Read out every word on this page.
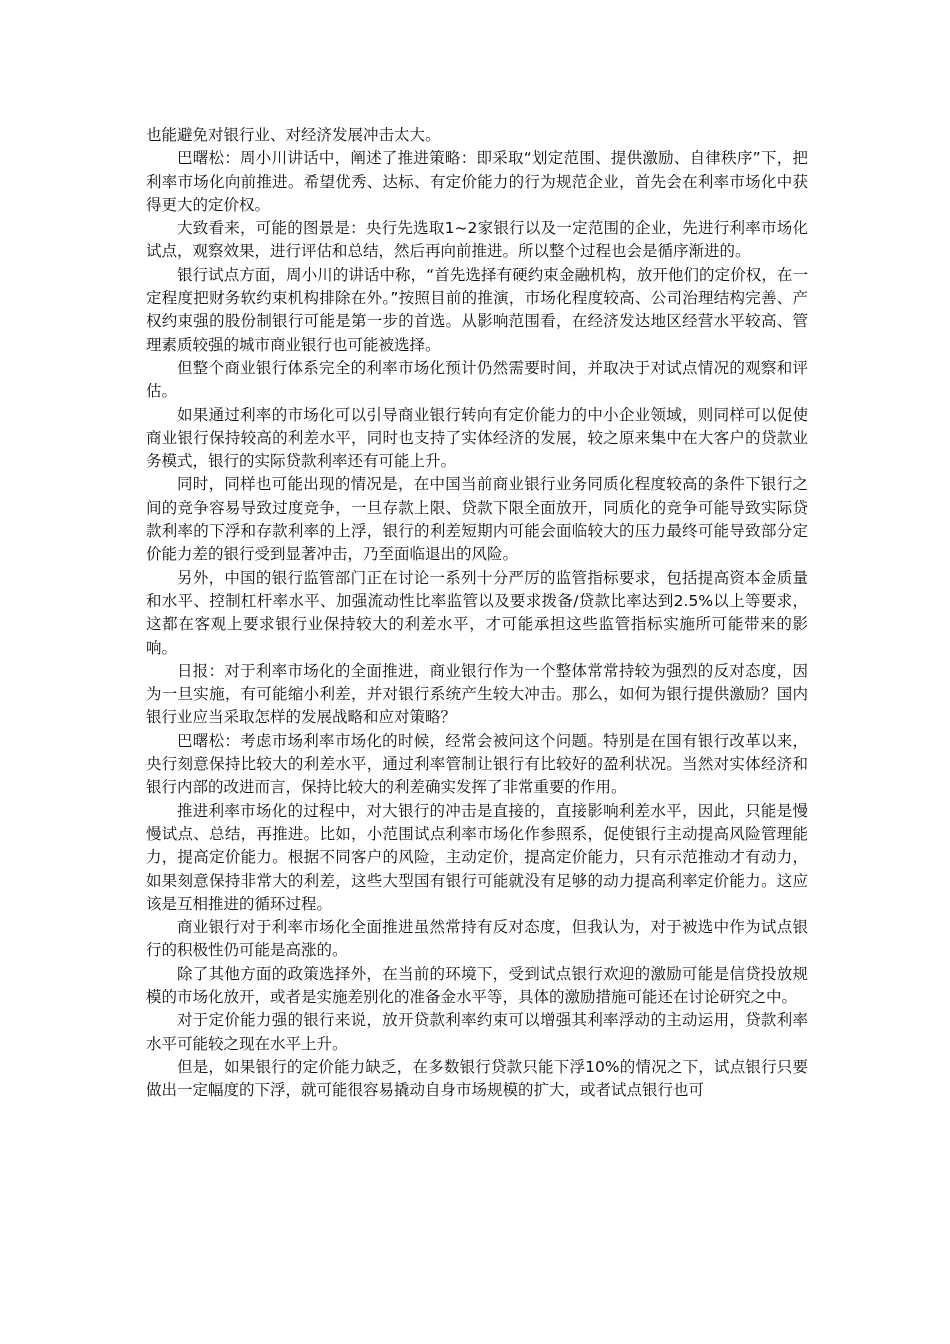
也能避免对银行业、对经济发展冲击太大。

巴曙松：周小川讲话中，阐述了推进策略：即采取“划定范围、提供激励、自律秩序”下，把利率市场化向前推进。希望优秀、达标、有定价能力的行为规范企业，首先会在利率市场化中获得更大的定价权。

大致看来，可能的图景是：央行先选取1~2家银行以及一定范围的企业，先进行利率市场化试点，观察效果，进行评估和总结，然后再向前推进。所以整个过程也会是循序渐进的。

银行试点方面，周小川的讲话中称，“首先选择有硬约束金融机构，放开他们的定价权，在一定程度把财务软约束机构排除在外。”按照目前的推演，市场化程度较高、公司治理结构完善、产权约束强的股份制银行可能是第一步的首选。从影响范围看，在经济发达地区经营水平较高、管理素质较强的城市商业银行也可能被选择。

但整个商业银行体系完全的利率市场化预计仍然需要时间，并取决于对试点情况的观察和评估。

如果通过利率的市场化可以引导商业银行转向有定价能力的中小企业领域，则同样可以促使商业银行保持较高的利差水平，同时也支持了实体经济的发展，较之原来集中在大客户的贷款业务模式，银行的实际贷款利率还有可能上升。

同时，同样也可能出现的情况是，在中国当前商业银行业务同质化程度较高的条件下银行之间的竞争容易导致过度竞争，一旦存款上限、贷款下限全面放开，同质化的竞争可能导致实际贷款利率的下浮和存款利率的上浮，银行的利差短期内可能会面临较大的压力最终可能导致部分定价能力差的银行受到显著冲击，乃至面临退出的风险。

另外，中国的银行监管部门正在讨论一系列十分严厉的监管指标要求，包括提高资本金质量和水平、控制杠杆率水平、加强流动性比率监管以及要求拨备/贷款比率达到2.5%以上等要求，这都在客观上要求银行业保持较大的利差水平，才可能承担这些监管指标实施所可能带来的影响。

日报：对于利率市场化的全面推进，商业银行作为一个整体常常持较为强烈的反对态度，因为一旦实施，有可能缩小利差，并对银行系统产生较大冲击。那么，如何为银行提供激励？国内银行业应当采取怎样的发展战略和应对策略？

巴曙松：考虑市场利率市场化的时候，经常会被问这个问题。特别是在国有银行改革以来，央行刻意保持比较大的利差水平，通过利率管制让银行有比较好的盈利状况。当然对实体经济和银行内部的改进而言，保持比较大的利差确实发挥了非常重要的作用。

推进利率市场化的过程中，对大银行的冲击是直接的，直接影响利差水平，因此，只能是慢慢试点、总结，再推进。比如，小范围试点利率市场化作参照系，促使银行主动提高风险管理能力，提高定价能力。根据不同客户的风险，主动定价，提高定价能力，只有示范推动才有动力，如果刻意保持非常大的利差，这些大型国有银行可能就没有足够的动力提高利率定价能力。这应该是互相推进的循环过程。

商业银行对于利率市场化全面推进虽然常持有反对态度，但我认为，对于被选中作为试点银行的积极性仍可能是高涨的。

除了其他方面的政策选择外，在当前的环境下，受到试点银行欢迎的激励可能是信贷投放规模的市场化放开，或者是实施差别化的准备金水平等，具体的激励措施可能还在讨论研究之中。

对于定价能力强的银行来说，放开贷款利率约束可以增强其利率浮动的主动运用，贷款利率水平可能较之现在水平上升。

但是，如果银行的定价能力缺乏，在多数银行贷款只能下浮10%的情况之下，试点银行只要做出一定幅度的下浮，就可能很容易撬动自身市场规模的扩大，或者试点银行也可
